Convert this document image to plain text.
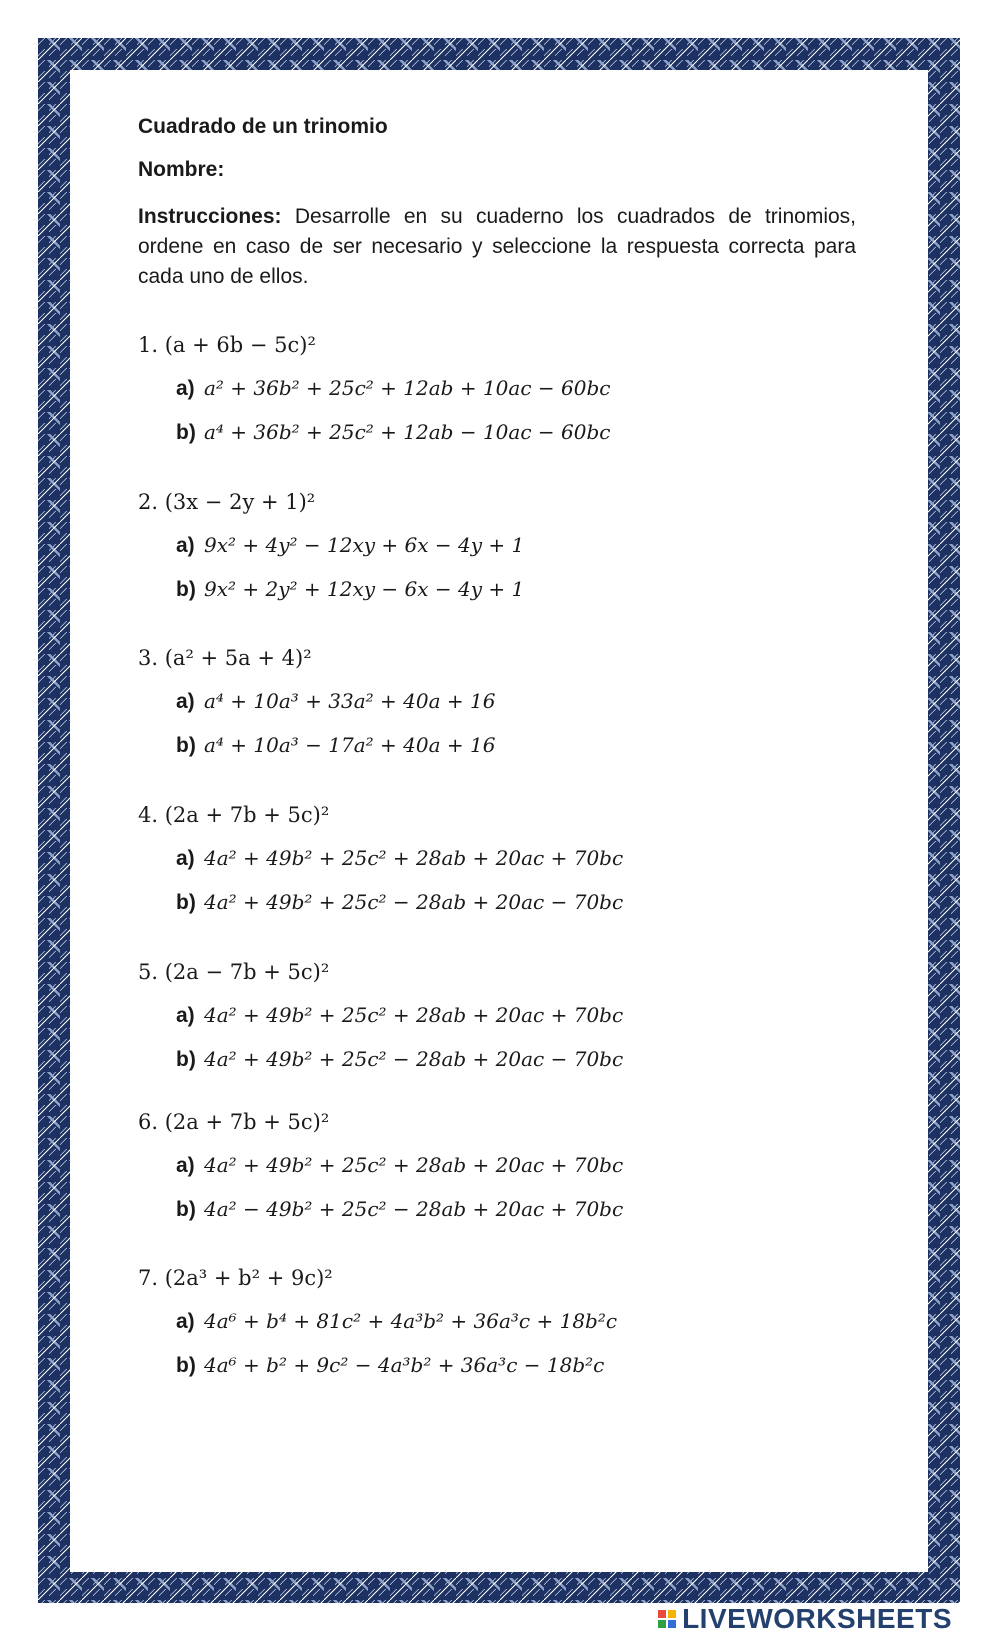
Cuadrado de un trinomio
Nombre:
Instrucciones: Desarrolle en su cuaderno los cuadrados de trinomios, ordene en caso de ser necesario y seleccione la respuesta correcta para cada uno de ellos.
1. (a + 6b − 5c)²
a) a² + 36b² + 25c² + 12ab + 10ac − 60bc
b) a⁴ + 36b² + 25c² + 12ab − 10ac − 60bc
2. (3x − 2y + 1)²
a) 9x² + 4y² − 12xy + 6x − 4y + 1
b) 9x² + 2y² + 12xy − 6x − 4y + 1
3. (a² + 5a + 4)²
a) a⁴ + 10a³ + 33a² + 40a + 16
b) a⁴ + 10a³ − 17a² + 40a + 16
4. (2a + 7b + 5c)²
a) 4a² + 49b² + 25c² + 28ab + 20ac + 70bc
b) 4a² + 49b² + 25c² − 28ab + 20ac − 70bc
5. (2a − 7b + 5c)²
a) 4a² + 49b² + 25c² + 28ab + 20ac + 70bc
b) 4a² + 49b² + 25c² − 28ab + 20ac − 70bc
6. (2a + 7b + 5c)²
a) 4a² + 49b² + 25c² + 28ab + 20ac + 70bc
b) 4a² − 49b² + 25c² − 28ab + 20ac + 70bc
7. (2a³ + b² + 9c)²
a) 4a⁶ + b⁴ + 81c² + 4a³b² + 36a³c + 18b²c
b) 4a⁶ + b² + 9c² − 4a³b² + 36a³c − 18b²c
LIVEWORKSHEETS
